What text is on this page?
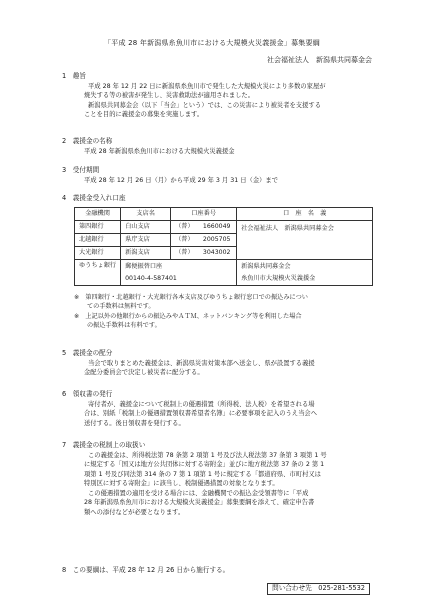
「平成 28 年新潟県糸魚川市における大規模火災義援金」募集要綱
社会福祉法人　新潟県共同募金会
1　趣旨
平成 28 年 12 月 22 日に新潟県糸魚川市で発生した大規模火災により多数の家屋が
焼失する等の被害が発生し、災害救助法が適用されました。
新潟県共同募金会（以下「当会」という）では、この災害により被災者を支援する
ことを目的に義援金の募集を実施します。
2　義援金の名称
平成 28 年新潟県糸魚川市における大規模火災義援金
3　受付期間
平成 28 年 12 月 26 日（月）から平成 29 年 3 月 31 日（金）まで
4　義援金受入れ口座
金融機関	支店名	口座番号		口　座　名　義
第四銀行	白山支店	（普）	1660049	社会福祉法人　新潟県共同募金会
北越銀行	県庁支店	（普）	2005705	
大光銀行	新潟支店	（普）	3043002	
ゆうちょ銀行	郵便振替口座			新潟県共同募金会
	00140-4-587401			糸魚川市大規模火災義援金
※　第四銀行・北越銀行・大光銀行各本支店及びゆうちょ銀行窓口での振込みについ
ての手数料は無料です。
※　上記以外の他銀行からの振込みやＡＴＭ、ネットバンキング等を利用した場合
の振込手数料は有料です。
5　義援金の配分
当会で取りまとめた義援金は、新潟県災害対策本部へ送金し、県が設置する義援
金配分委員会で決定し被災者に配分する。
6　領収書の発行
寄付者が、義援金について税制上の優遇措置（所得税、法人税）を希望される場
合は、別紙「税制上の優遇措置領収書希望者名簿」に必要事項を記入のうえ当会へ
送付する。後日領収書を発行する。
7　義援金の税制上の取扱い
この義援金は、所得税法第 78 条第 2 項第 1 号及び法人税法第 37 条第 3 項第 1 号
に規定する「国又は地方公共団体に対する寄附金」並びに地方税法第 37 条の 2 第 1
項第 1 号及び同法第 314 条の 7 第 1 項第 1 号に規定する「都道府県、市町村又は
特別区に対する寄附金」に該当し、税制優遇措置の対象となります。
この優遇措置の適用を受ける場合には、金融機関での振込金受領書等に「平成
28 年新潟県糸魚川市における大規模火災義援金」募集要綱を添えて、確定申告書
類への添付などが必要となります。
8　この要綱は、平成 28 年 12 月 26 日から施行する。
問い合わせ先　025-281-5532
